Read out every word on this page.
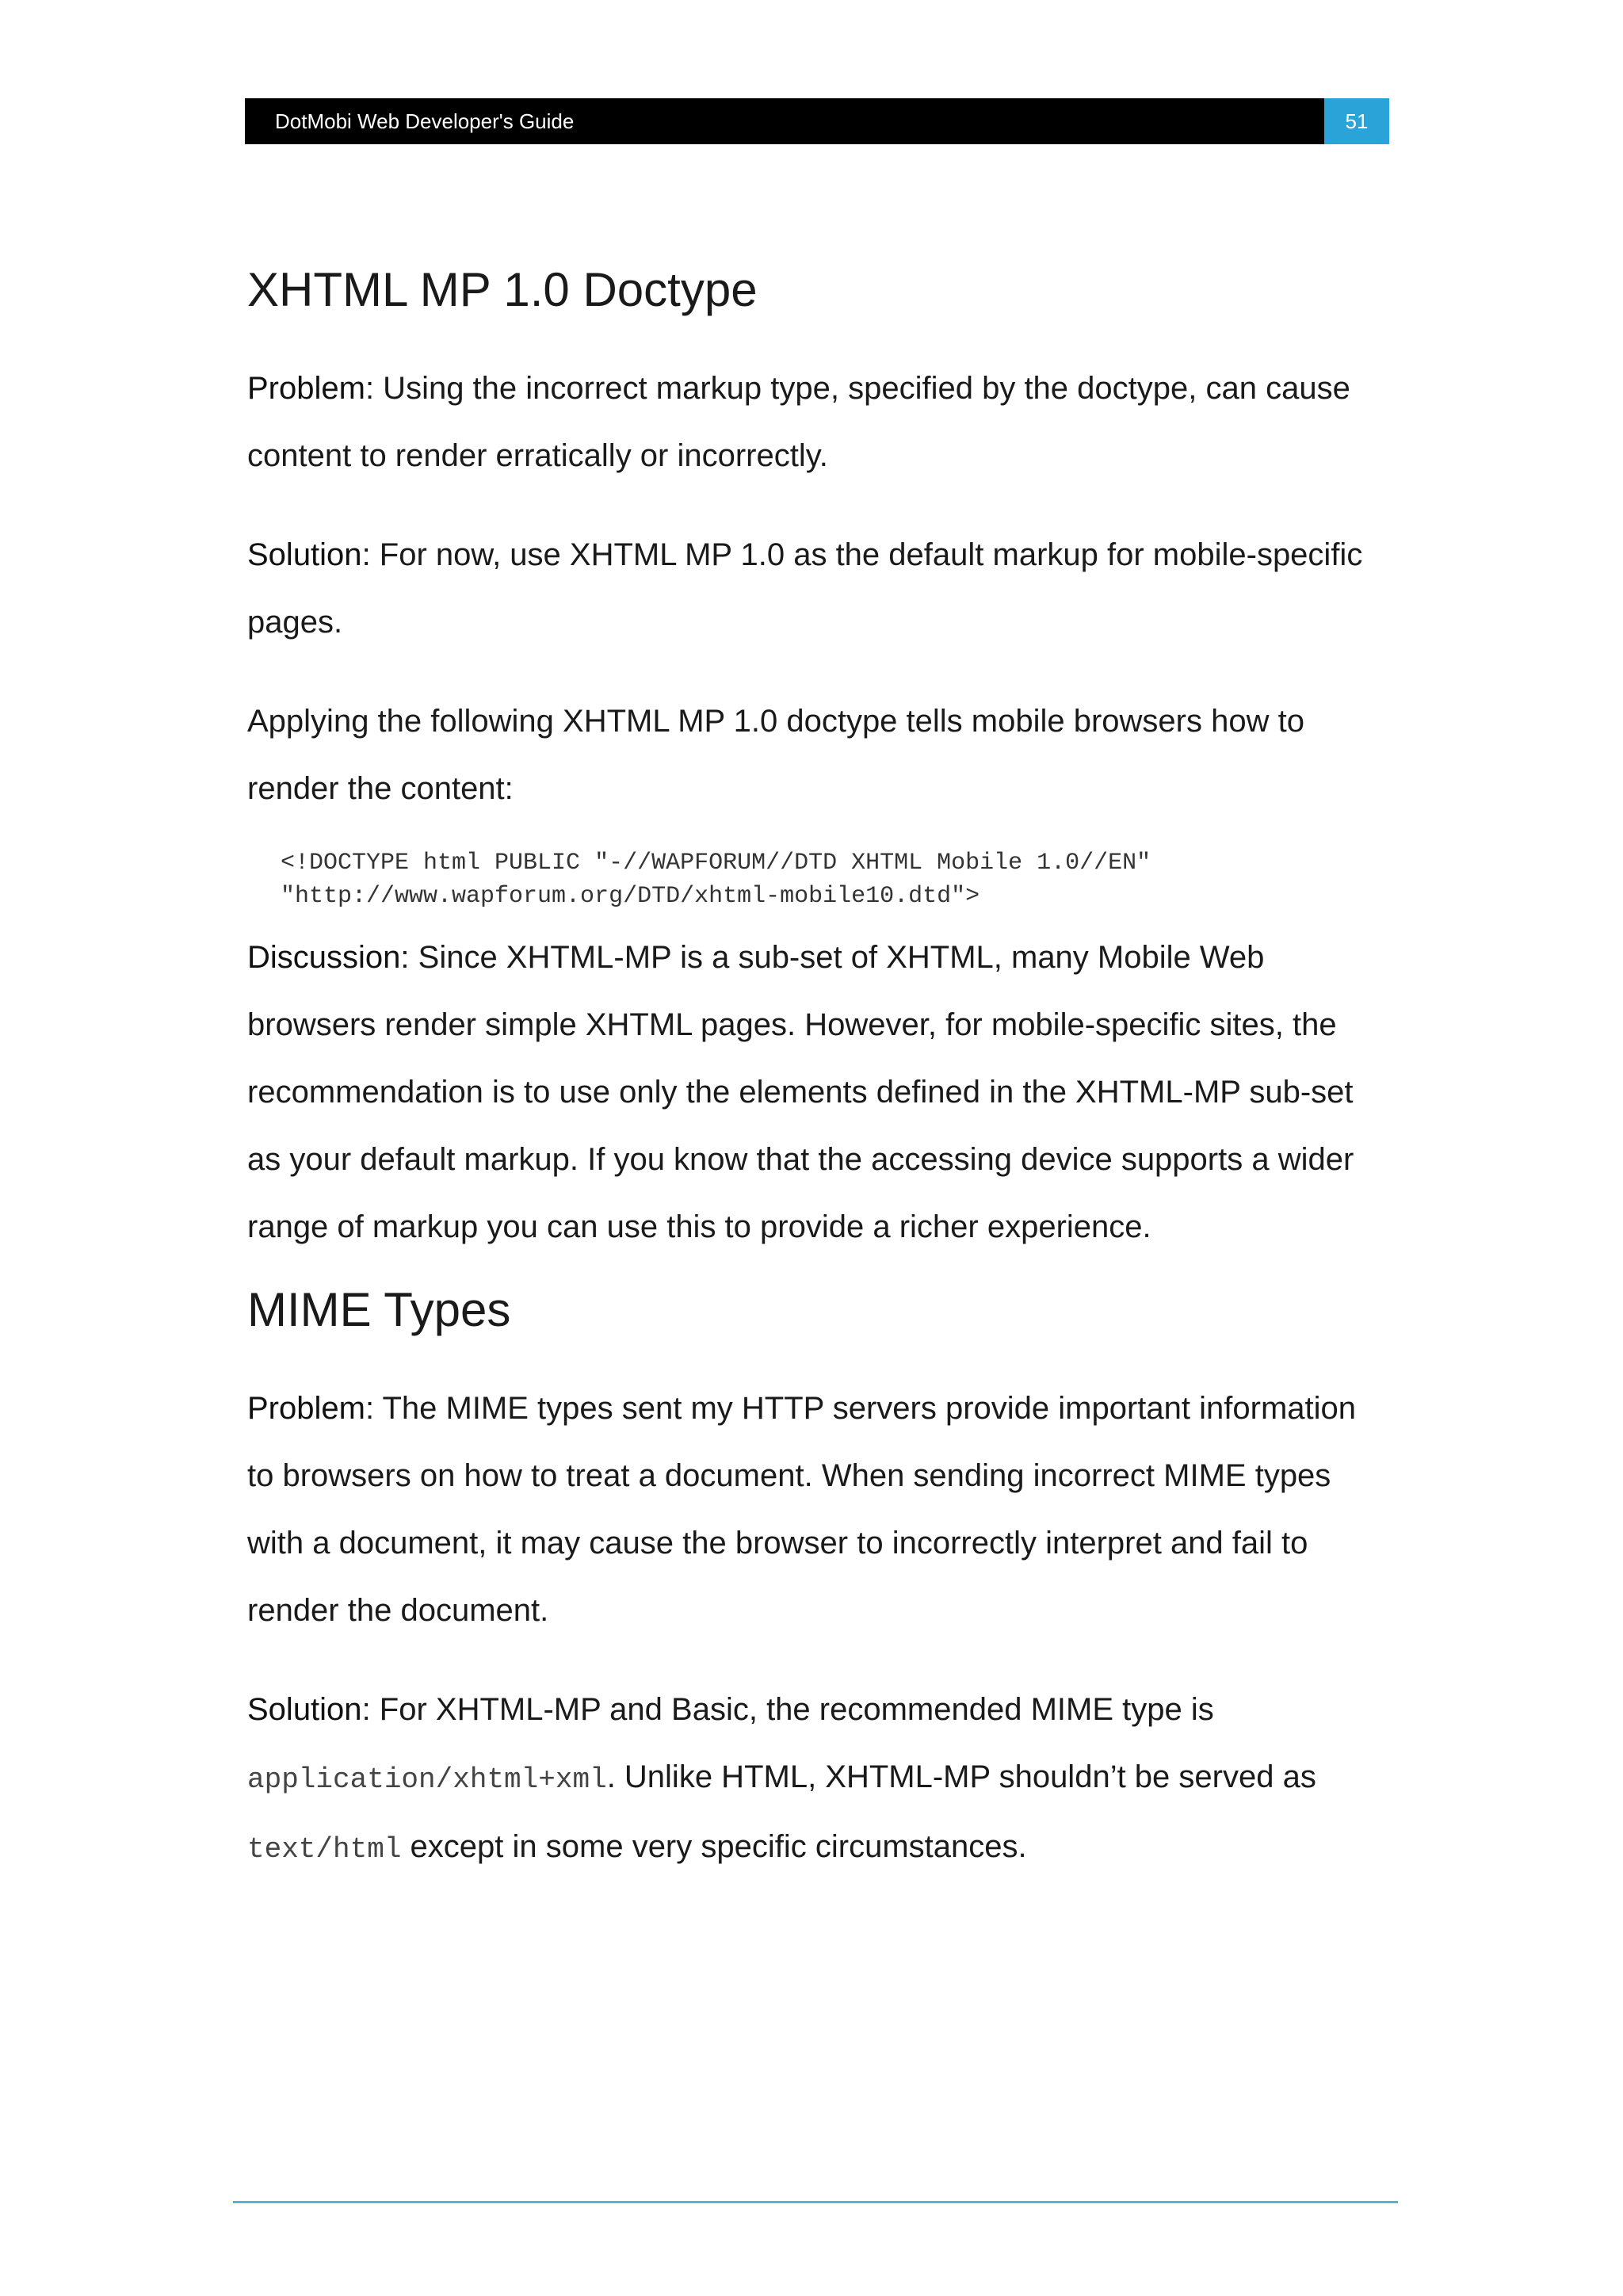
DotMobi Web Developer's Guide	51
XHTML MP 1.0 Doctype

Problem: Using the incorrect markup type, specified by the doctype, can cause content to render erratically or incorrectly.

Solution: For now, use XHTML MP 1.0 as the default markup for mobile-specific pages.

Applying the following XHTML MP 1.0 doctype tells mobile browsers how to render the content:

<!DOCTYPE html PUBLIC "-//WAPFORUM//DTD XHTML Mobile 1.0//EN"
"http://www.wapforum.org/DTD/xhtml-mobile10.dtd">

Discussion: Since XHTML-MP is a sub-set of XHTML, many Mobile Web browsers render simple XHTML pages. However, for mobile-specific sites, the recommendation is to use only the elements defined in the XHTML-MP sub-set as your default markup. If you know that the accessing device supports a wider range of markup you can use this to provide a richer experience.

MIME Types

Problem: The MIME types sent my HTTP servers provide important information to browsers on how to treat a document. When sending incorrect MIME types with a document, it may cause the browser to incorrectly interpret and fail to render the document.

Solution: For XHTML-MP and Basic, the recommended MIME type is application/xhtml+xml. Unlike HTML, XHTML-MP shouldn’t be served as text/html except in some very specific circumstances.
